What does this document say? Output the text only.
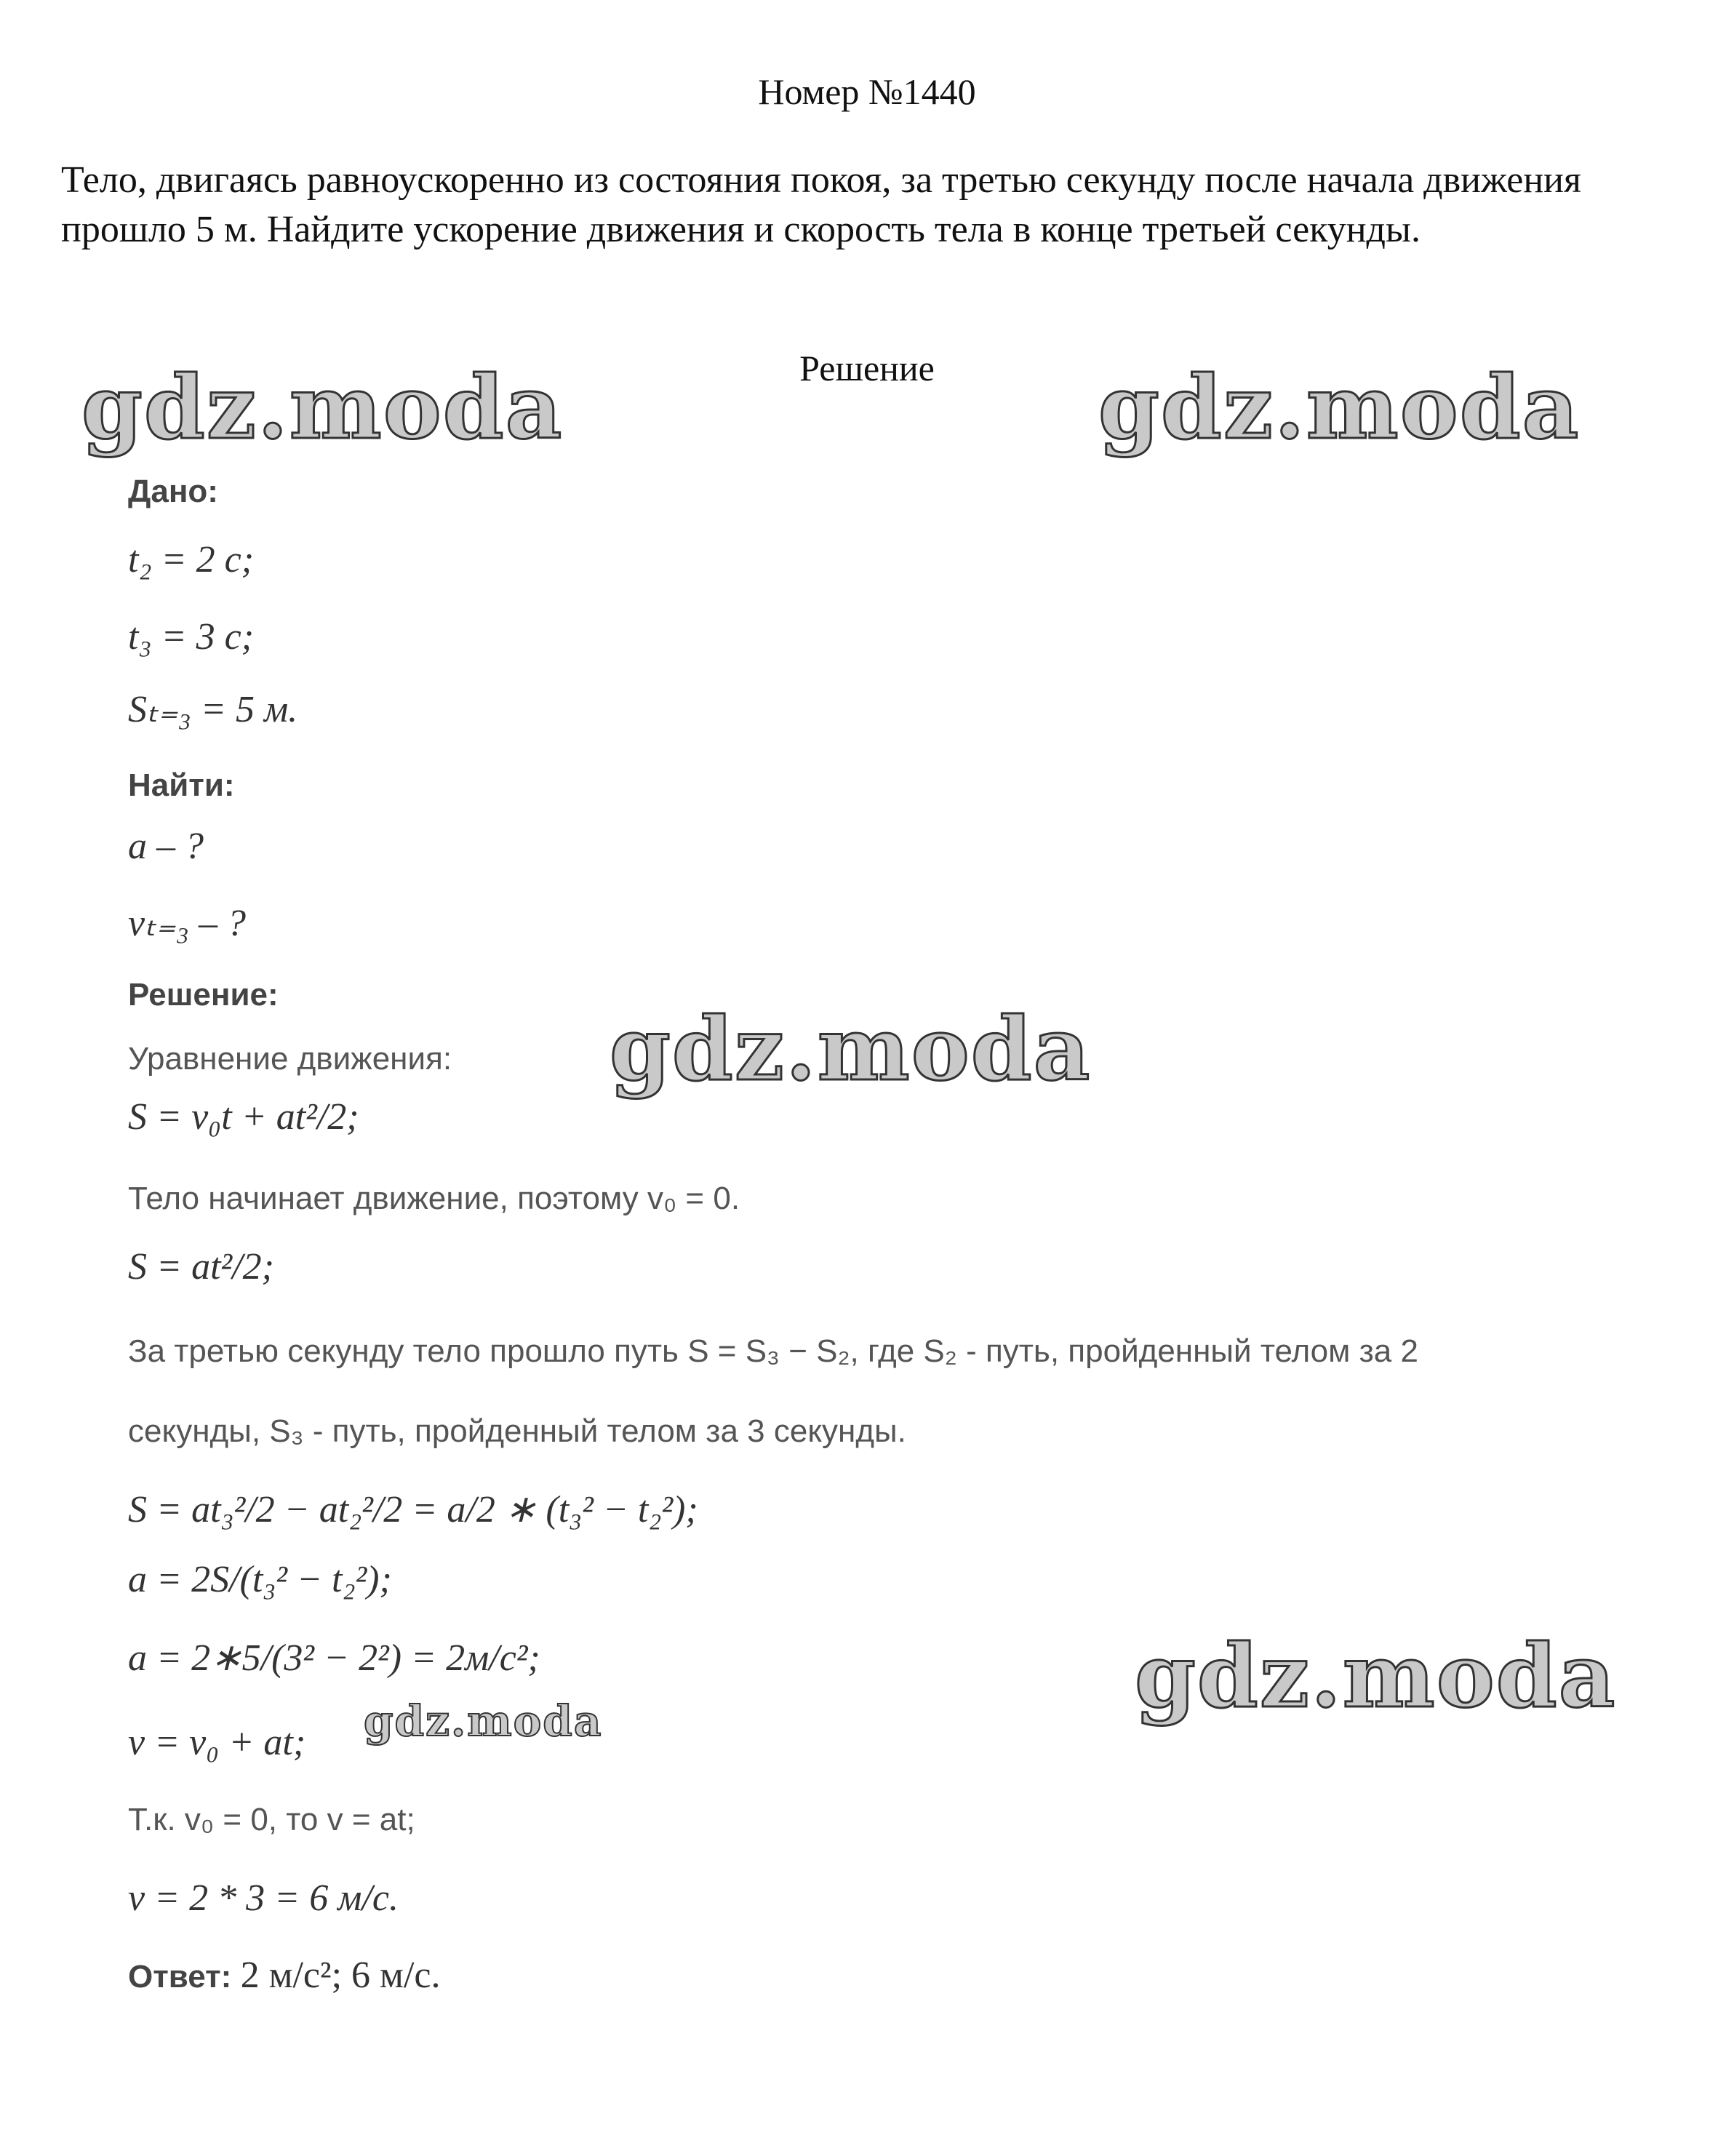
Номер №1440

Тело, двигаясь равноускоренно из состояния покоя, за третью секунду после начала движения прошло 5 м. Найдите ускорение движения и скорость тела в конце третьей секунды.

Решение
Дано:
t₂ = 2 с;
t₃ = 3 с;
Sₜ₌₃ = 5 м.
Найти:
a – ?
vₜ₌₃ – ?
Решение:
Уравнение движения:
S = v₀t + at²/2;
Тело начинает движение, поэтому v₀ = 0.
S = at²/2;
За третью секунду тело прошло путь S = S₃ − S₂, где S₂ - путь, пройденный телом за 2
секунды, S₃ - путь, пройденный телом за 3 секунды.
S = at₃²/2 − at₂²/2 = a/2 ∗ (t₃² − t₂²);
a = 2S/(t₃² − t₂²);
a = 2∗5/(3² − 2²) = 2м/с²;
v = v₀ + at;
Т.к. v₀ = 0, то v = at;
v = 2 * 3 = 6 м/с.
Ответ: 2 м/с²; 6 м/с.
gdz.moda	gdz.moda
gdz.moda
gdz.moda
gdz.moda
